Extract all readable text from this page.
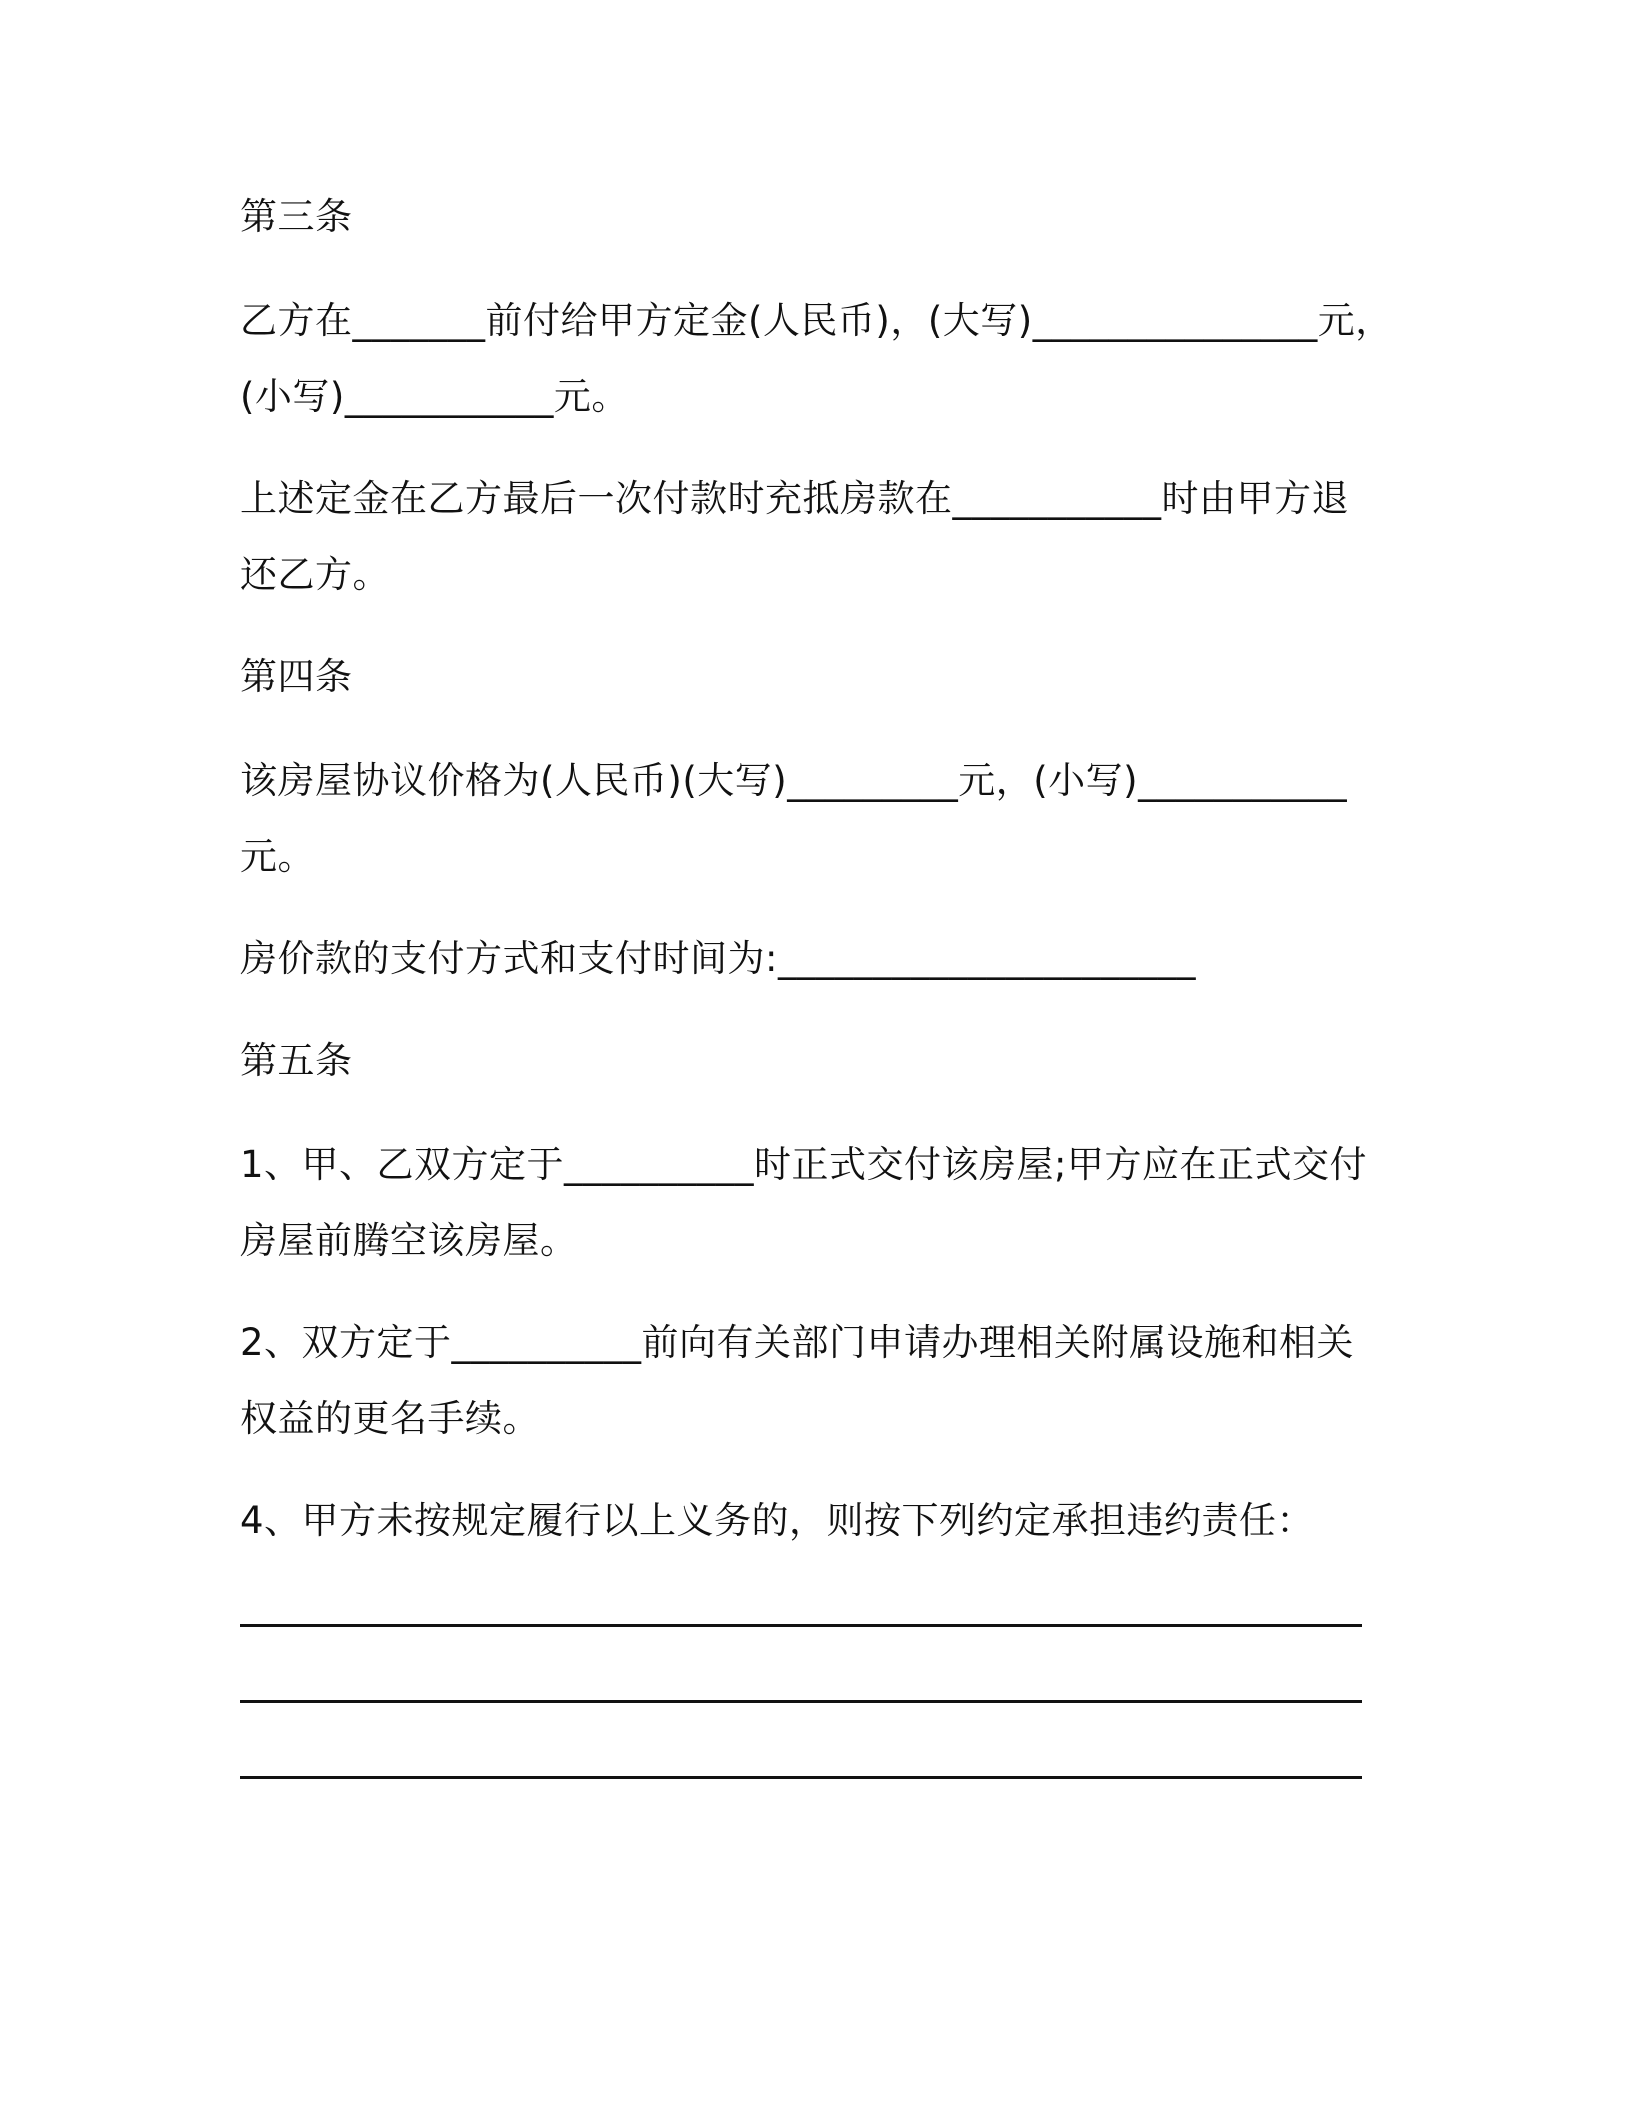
第三条

乙方在_______前付给甲方定金(人民币)，(大写)_______________元，

(小写)___________元。

上述定金在乙方最后一次付款时充抵房款在___________时由甲方退

还乙方。

第四条

该房屋协议价格为(人民币)(大写)_________元，(小写)___________

元。

房价款的支付方式和支付时间为:______________________

第五条

1、甲、乙双方定于__________时正式交付该房屋;甲方应在正式交付

房屋前腾空该房屋。

2、双方定于__________前向有关部门申请办理相关附属设施和相关

权益的更名手续。

4、甲方未按规定履行以上义务的，则按下列约定承担违约责任：
